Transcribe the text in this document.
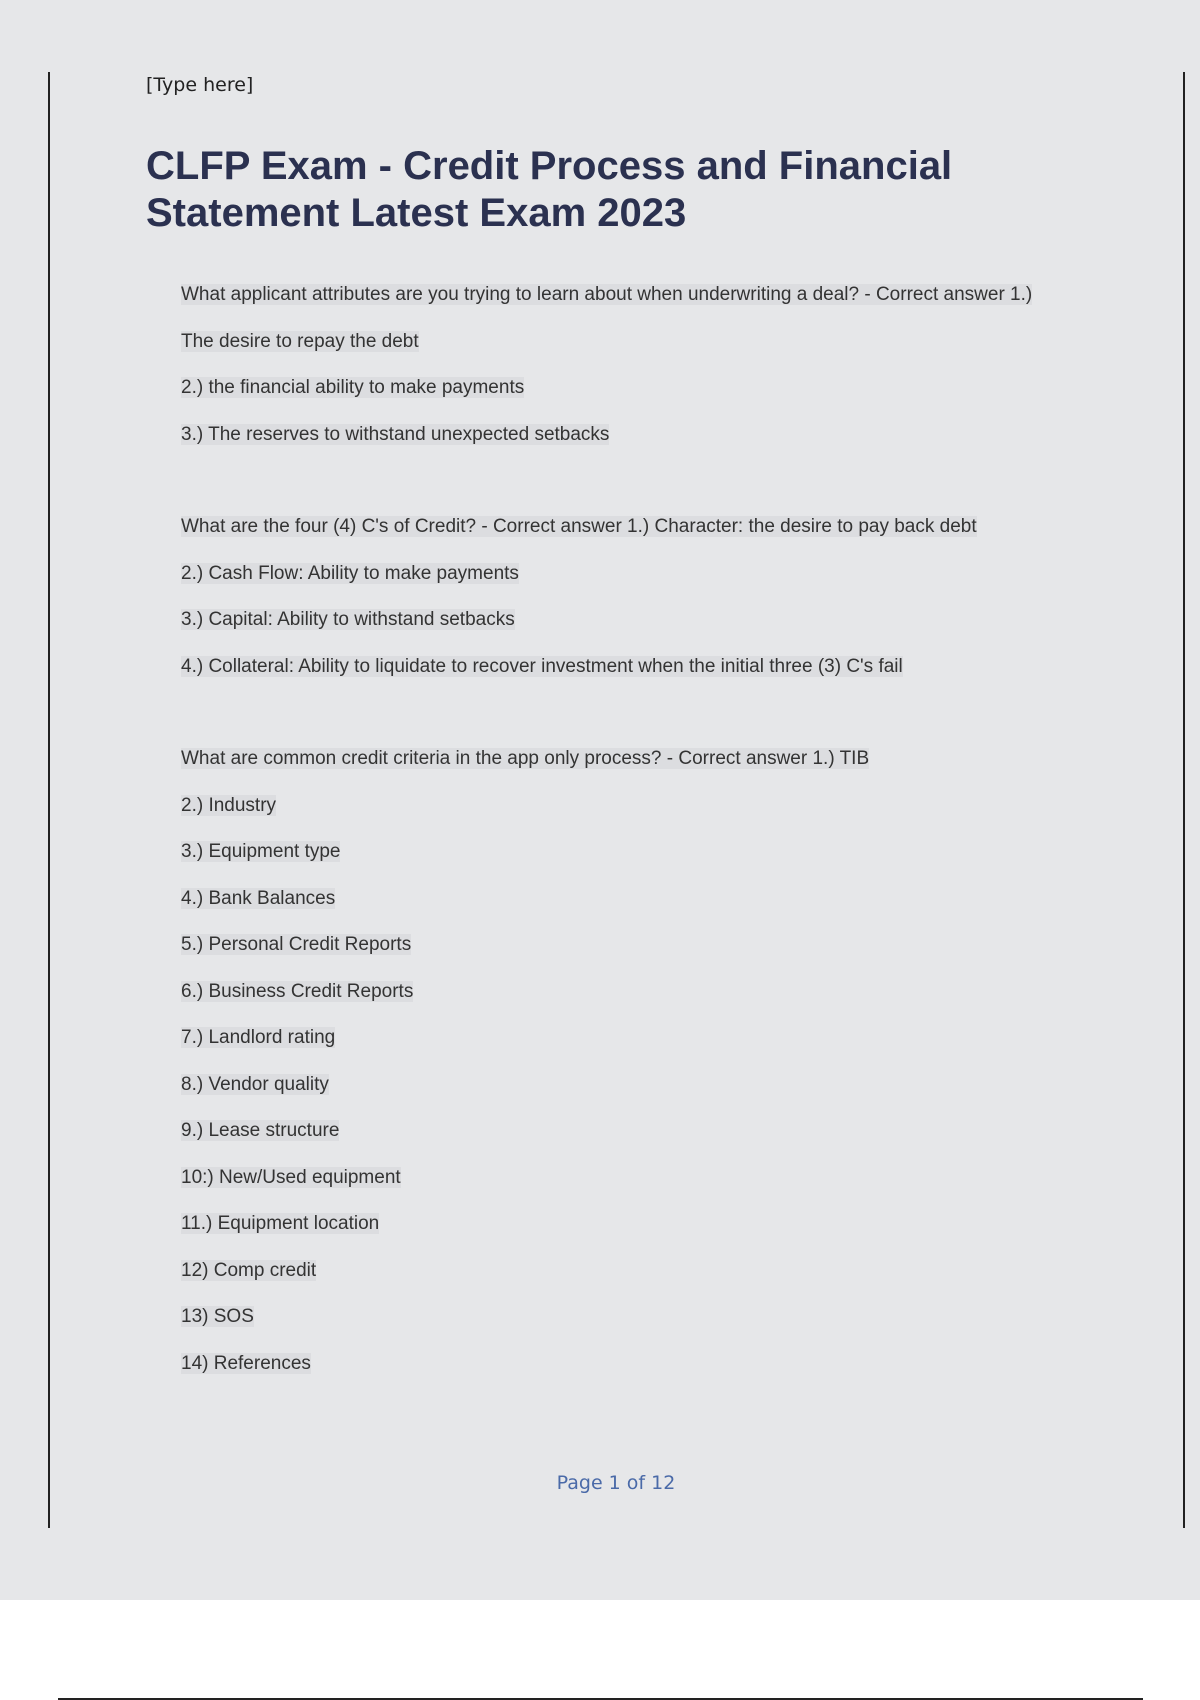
[Type here]
CLFP Exam - Credit Process and Financial Statement Latest Exam 2023
What applicant attributes are you trying to learn about when underwriting a deal? - Correct answer 1.)
The desire to repay the debt
2.) the financial ability to make payments
3.) The reserves to withstand unexpected setbacks
What are the four (4) C's of Credit? - Correct answer 1.) Character: the desire to pay back debt
2.) Cash Flow: Ability to make payments
3.) Capital: Ability to withstand setbacks
4.) Collateral: Ability to liquidate to recover investment when the initial three (3) C's fail
What are common credit criteria in the app only process? - Correct answer 1.) TIB
2.) Industry
3.) Equipment type
4.) Bank Balances
5.) Personal Credit Reports
6.) Business Credit Reports
7.) Landlord rating
8.) Vendor quality
9.) Lease structure
10:) New/Used equipment
11.) Equipment location
12) Comp credit
13) SOS
14) References
Page 1 of 12
